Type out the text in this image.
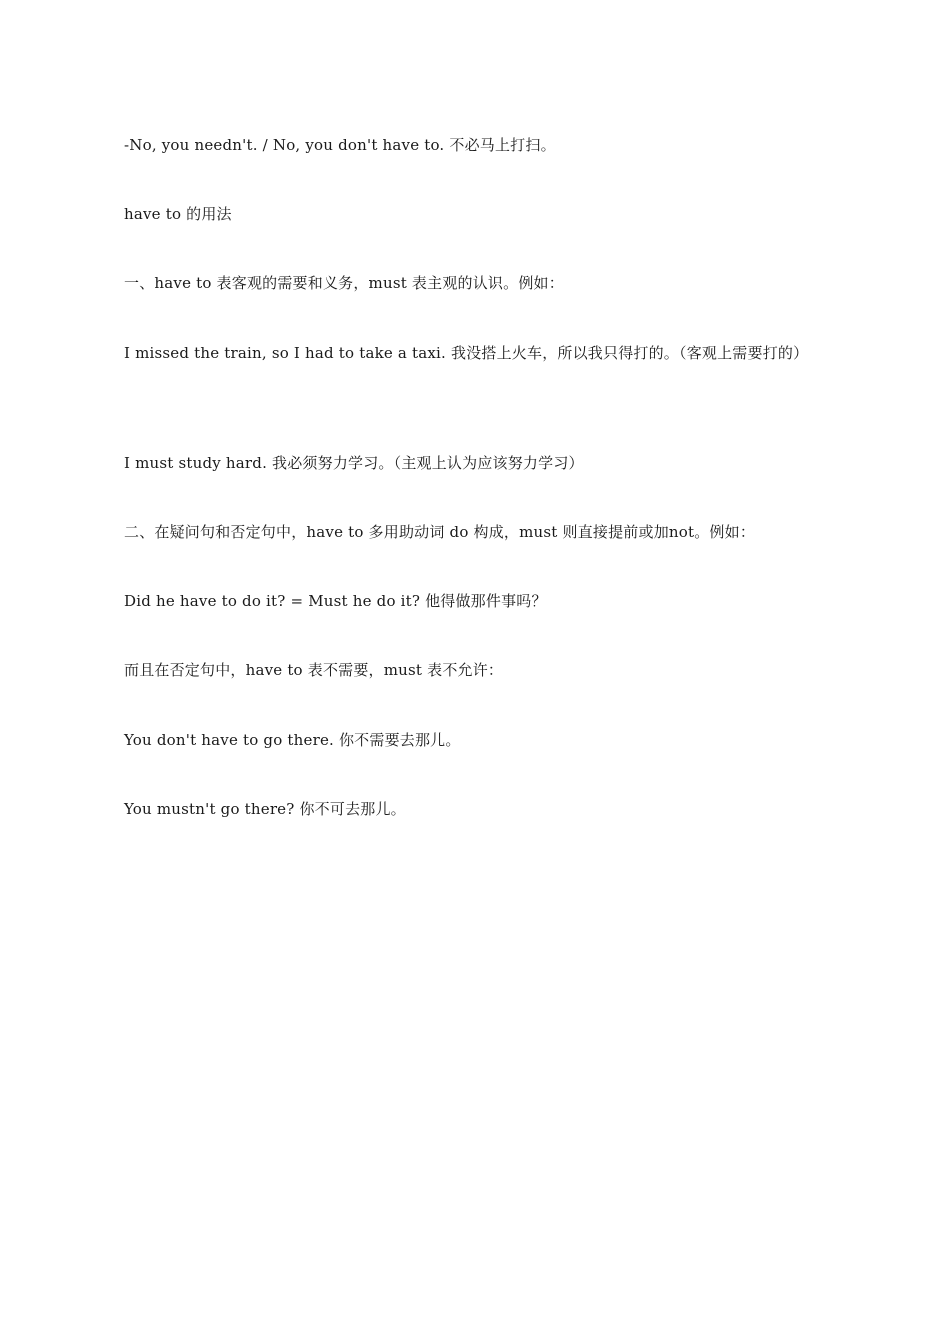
-No, you needn't. / No, you don't have to. 不必马上打扫。

have to 的用法

一、have to 表客观的需要和义务，must 表主观的认识。例如：

I missed the train, so I had to take a taxi. 我没搭上火车，所以我只得打的。（客观上需要打的）

I must study hard. 我必须努力学习。（主观上认为应该努力学习）

二、在疑问句和否定句中，have to 多用助动词 do 构成，must 则直接提前或加not。例如：

Did he have to do it? = Must he do it? 他得做那件事吗？

而且在否定句中，have to 表不需要，must 表不允许：

You don't have to go there. 你不需要去那儿。

You mustn't go there? 你不可去那儿。
